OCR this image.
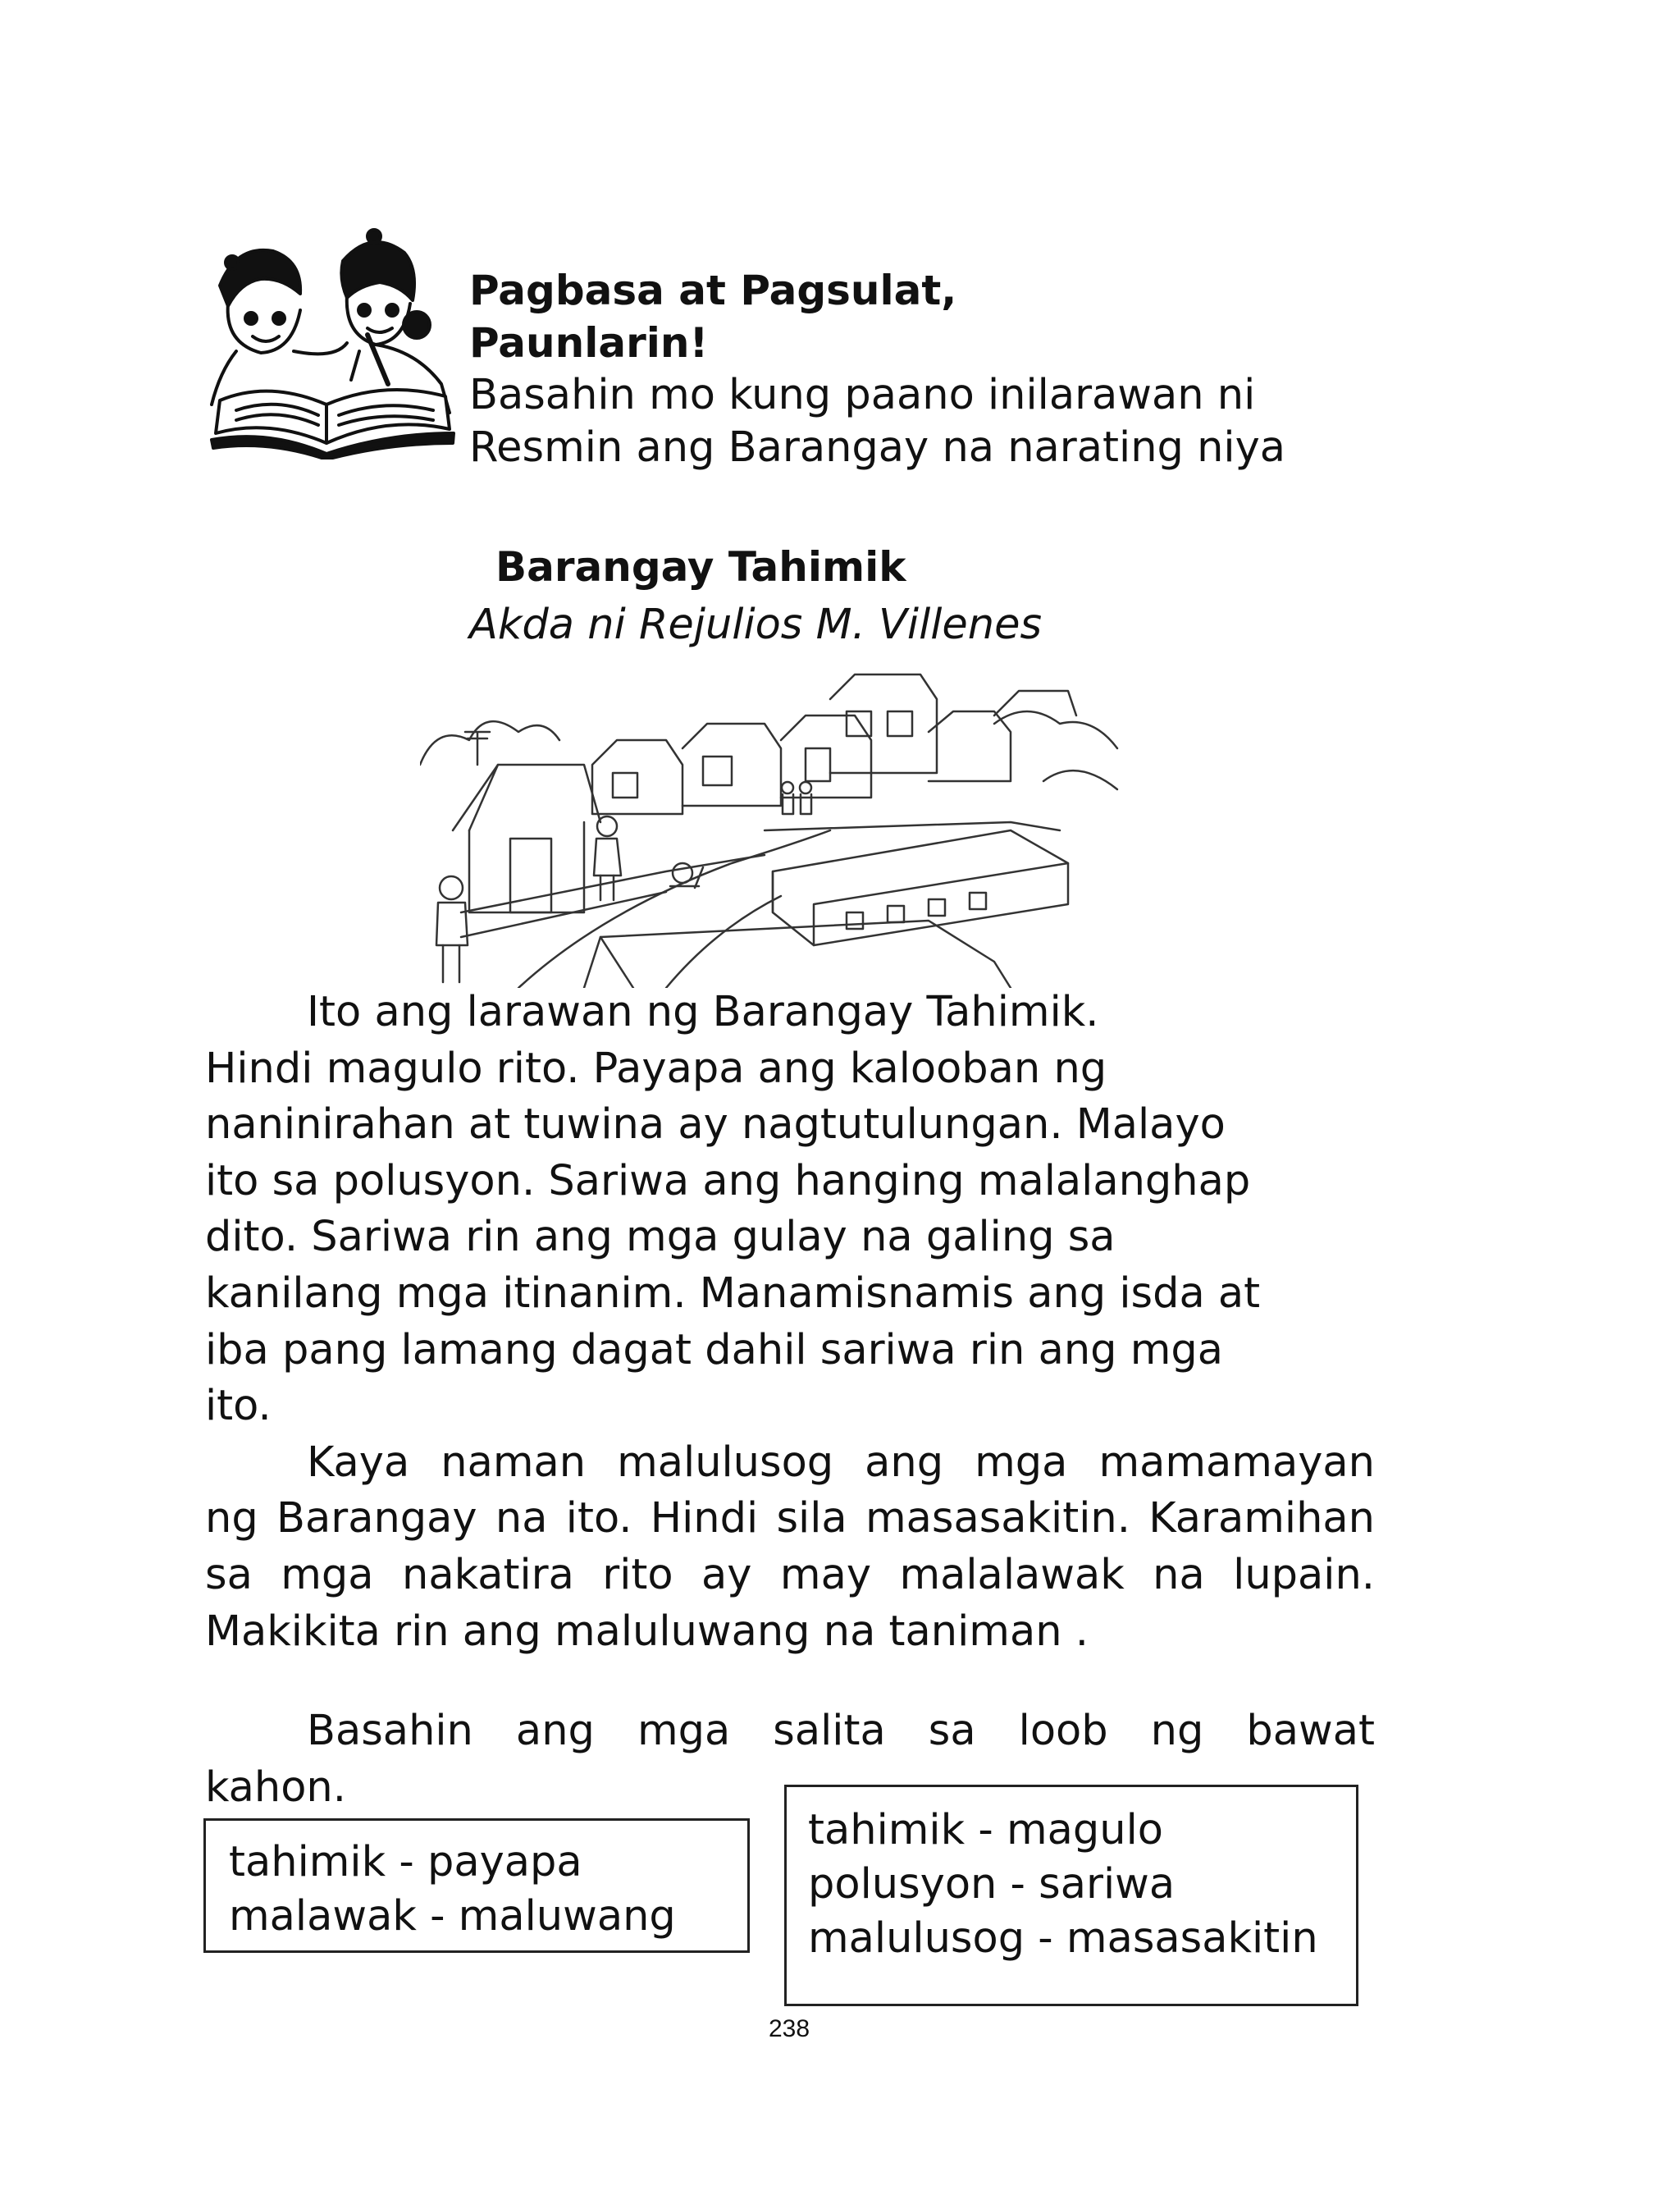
Pagbasa at Pagsulat,
Paunlarin!
Basahin mo kung paano inilarawan ni
Resmin ang Barangay na narating niya
Barangay Tahimik
Akda ni Rejulios M. Villenes

Ito ang larawan ng Barangay Tahimik.
Hindi magulo rito. Payapa ang kalooban ng
naninirahan at tuwina ay nagtutulungan. Malayo
ito sa polusyon. Sariwa ang hanging malalanghap
dito. Sariwa rin ang mga gulay na galing sa
kanilang mga itinanim. Manamisnamis ang isda at
iba pang lamang dagat dahil sariwa rin ang mga
ito.

Kaya naman malulusog ang mga mamamayan
ng Barangay na ito. Hindi sila masasakitin. Karamihan
sa mga nakatira rito ay may malalawak na lupain.
Makikita rin ang maluluwang na taniman .

Basahin ang mga salita sa loob ng bawat
kahon.
tahimik - payapa
malawak - maluwang
tahimik - magulo
polusyon - sariwa
malulusog - masasakitin
238
